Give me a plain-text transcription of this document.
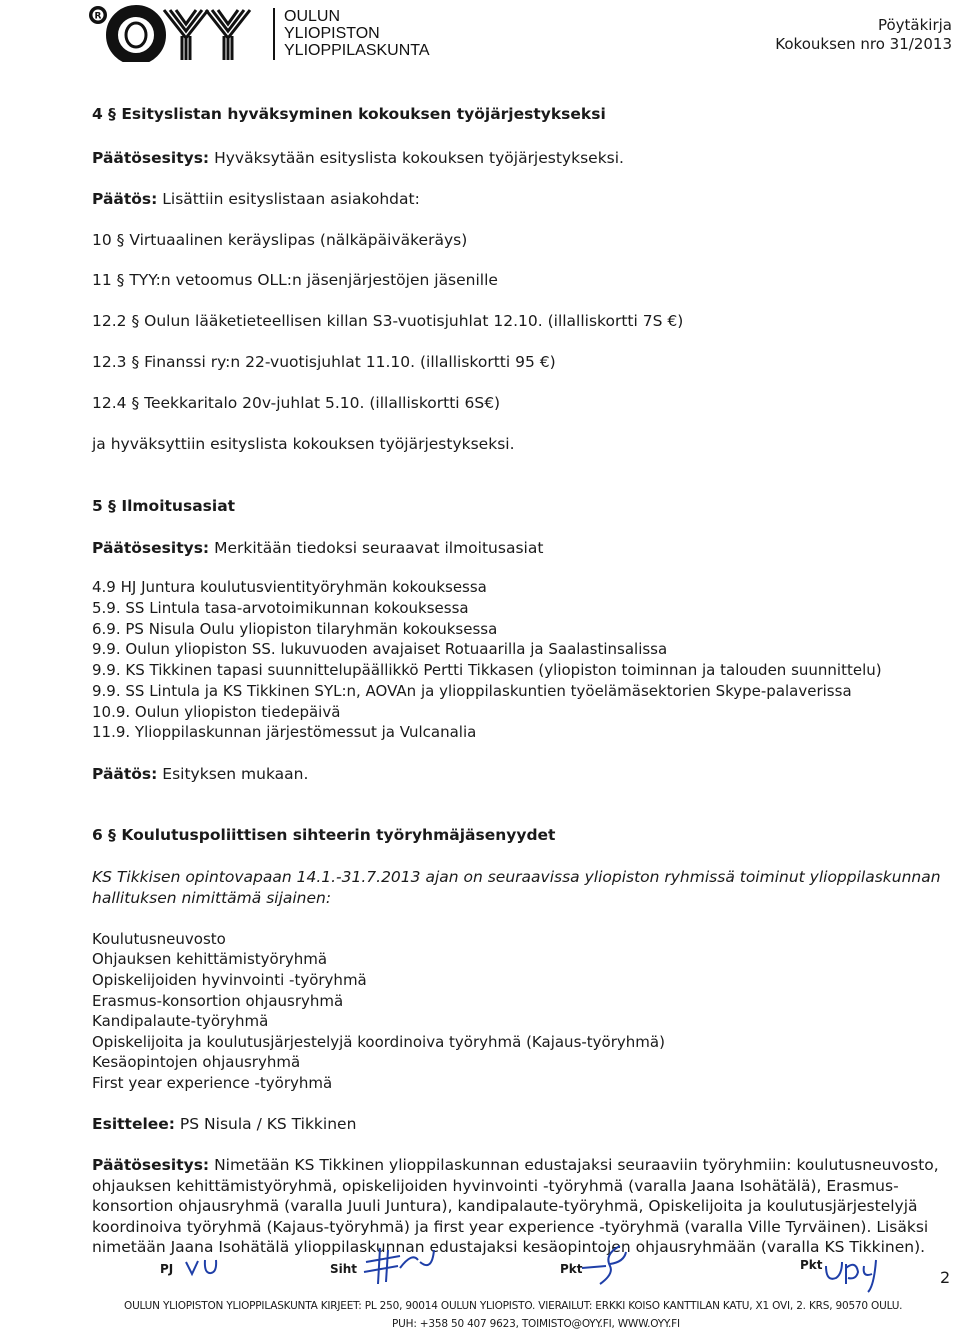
R	OULUN
YLIOPISTON
YLIOPPILASKUNTA
Pöytäkirja
Kokouksen nro 31/2013
4 § Esityslistan hyväksyminen kokouksen työjärjestykseksi
Päätösesitys: Hyväksytään esityslista kokouksen työjärjestykseksi.
Päätös: Lisättiin esityslistaan asiakohdat:
10 § Virtuaalinen keräyslipas (nälkäpäiväkeräys)
11 § TYY:n vetoomus OLL:n jäsenjärjestöjen jäsenille
12.2 § Oulun lääketieteellisen killan S3-vuotisjuhlat 12.10. (illalliskortti 7S €)
12.3 § Finanssi ry:n 22-vuotisjuhlat 11.10. (illalliskortti 95 €)
12.4 § Teekkaritalo 20v-juhlat 5.10. (illalliskortti 6S€)
ja hyväksyttiin esityslista kokouksen työjärjestykseksi.
5 § Ilmoitusasiat
Päätösesitys: Merkitään tiedoksi seuraavat ilmoitusasiat
4.9 HJ Juntura koulutusvientityöryhmän kokouksessa
5.9. SS Lintula tasa-arvotoimikunnan kokouksessa
6.9. PS Nisula Oulu yliopiston tilaryhmän kokouksessa
9.9. Oulun yliopiston SS. lukuvuoden avajaiset Rotuaarilla ja Saalastinsalissa
9.9. KS Tikkinen tapasi suunnittelupäällikkö Pertti Tikkasen (yliopiston toiminnan ja talouden suunnittelu)
9.9. SS Lintula ja KS Tikkinen SYL:n, AOVAn ja ylioppilaskuntien työelämäsektorien Skype-palaverissa
10.9. Oulun yliopiston tiedepäivä
11.9. Ylioppilaskunnan järjestömessut ja Vulcanalia
Päätös: Esityksen mukaan.
6 § Koulutuspoliittisen sihteerin työryhmäjäsenyydet
KS Tikkisen opintovapaan 14.1.-31.7.2013 ajan on seuraavissa yliopiston ryhmissä toiminut ylioppilaskunnan
hallituksen nimittämä sijainen:
Koulutusneuvosto
Ohjauksen kehittämistyöryhmä
Opiskelijoiden hyvinvointi -työryhmä
Erasmus-konsortion ohjausryhmä
Kandipalaute-työryhmä
Opiskelijoita ja koulutusjärjestelyjä koordinoiva työryhmä (Kajaus-työryhmä)
Kesäopintojen ohjausryhmä
First year experience -työryhmä
Esittelee: PS Nisula / KS Tikkinen
Päätösesitys: Nimetään KS Tikkinen ylioppilaskunnan edustajaksi seuraaviin työryhmiin: koulutusneuvosto,
ohjauksen kehittämistyöryhmä, opiskelijoiden hyvinvointi -työryhmä (varalla Jaana Isohätälä), Erasmus-
konsortion ohjausryhmä (varalla Juuli Juntura), kandipalaute-työryhmä, Opiskelijoita ja koulutusjärjestelyjä
koordinoiva työryhmä (Kajaus-työryhmä) ja first year experience -työryhmä (varalla Ville Tyrväinen). Lisäksi
nimetään Jaana Isohätälä ylioppilaskunnan edustajaksi kesäopintojen ohjausryhmään (varalla KS Tikkinen).
PJ	Siht	Pkt	Pkt
2
OULUN YLIOPISTON YLIOPPILASKUNTA KIRJEET: PL 250, 90014 OULUN YLIOPISTO. VIERAILUT: ERKKI KOISO KANTTILAN KATU, X1 OVI, 2. KRS, 90570 OULU.
PUH: +358 50 407 9623, TOIMISTO@OYY.FI, WWW.OYY.FI
